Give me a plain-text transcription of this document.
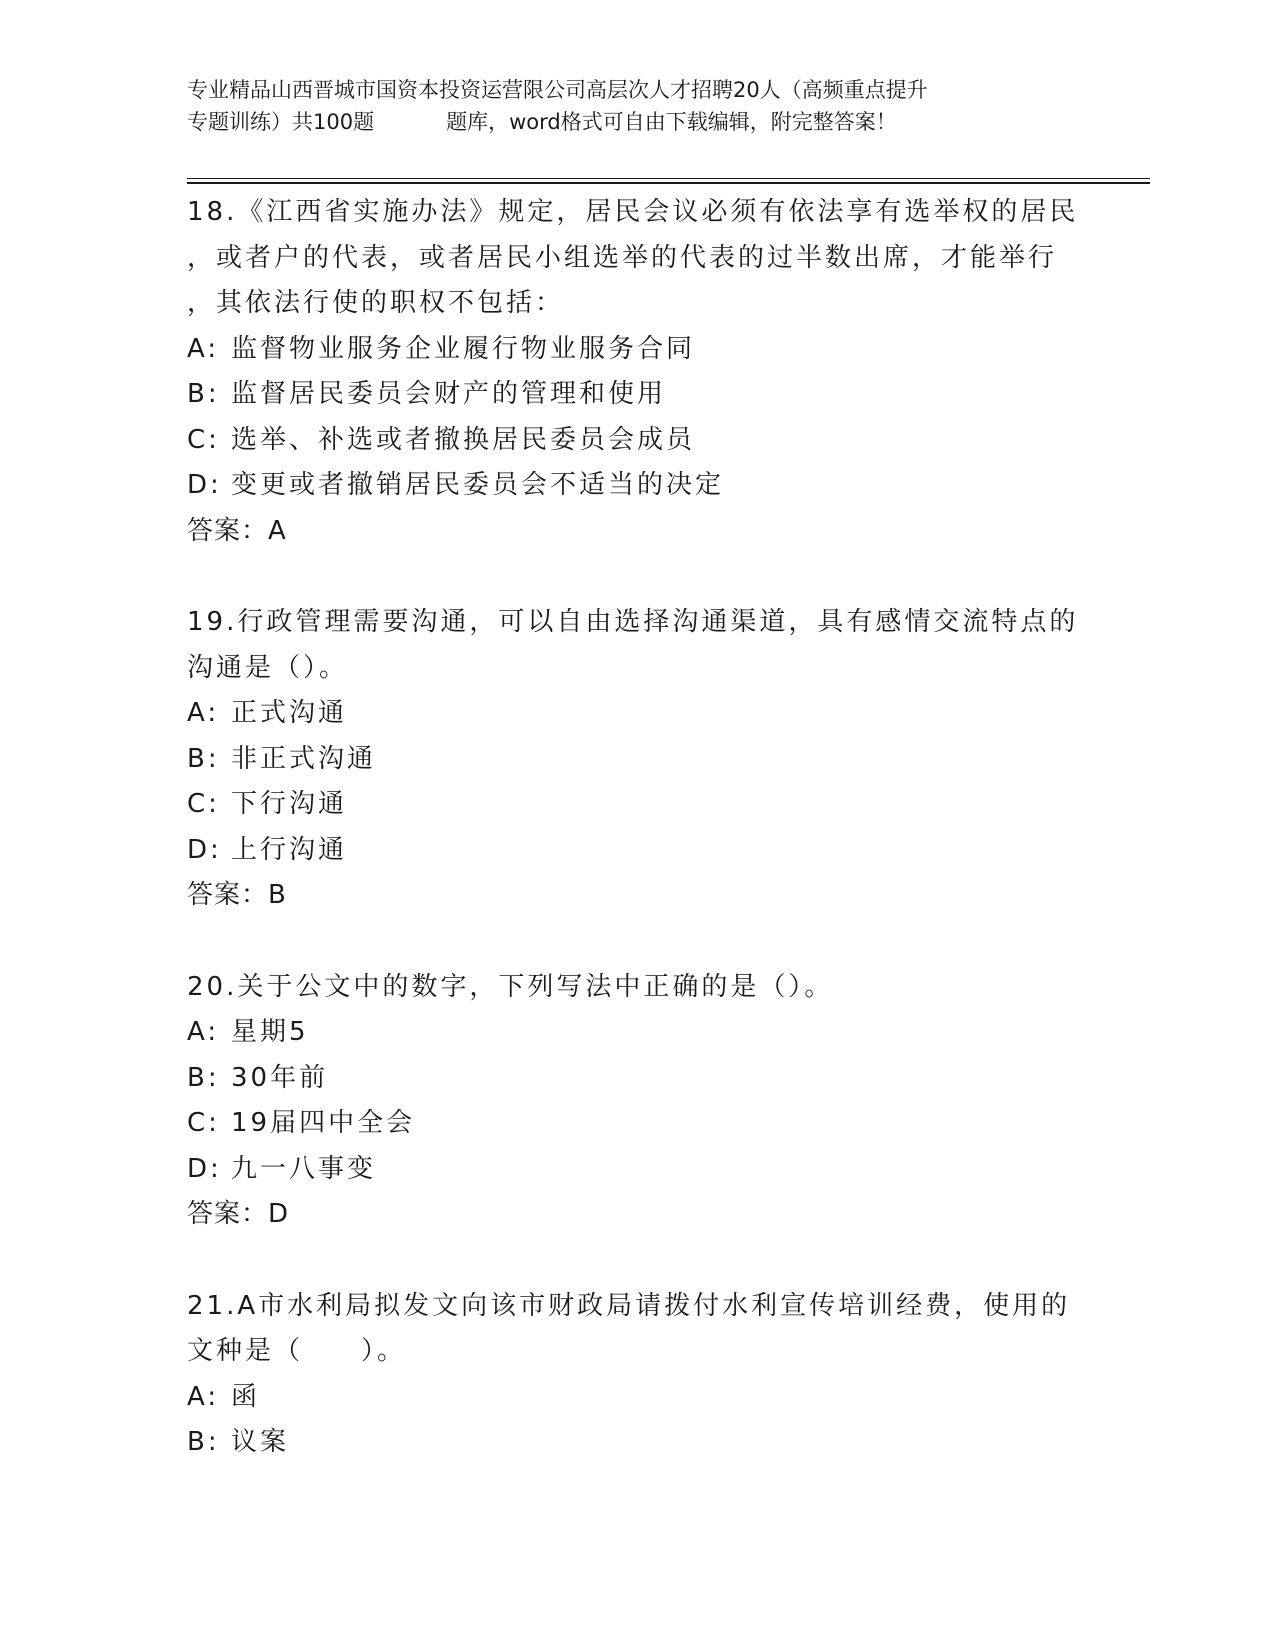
专业精品山西晋城市国资本投资运营限公司高层次人才招聘20人（高频重点提升
专题训练）共100题	题库，word格式可自由下载编辑，附完整答案！
18.《江西省实施办法》规定，居民会议必须有依法享有选举权的居民
，或者户的代表，或者居民小组选举的代表的过半数出席，才能举行
，其依法行使的职权不包括：
A: 监督物业服务企业履行物业服务合同
B: 监督居民委员会财产的管理和使用
C: 选举、补选或者撤换居民委员会成员
D: 变更或者撤销居民委员会不适当的决定
答案：A
19.行政管理需要沟通，可以自由选择沟通渠道，具有感情交流特点的
沟通是（）。
A: 正式沟通
B: 非正式沟通
C: 下行沟通
D: 上行沟通
答案：B
20.关于公文中的数字，下列写法中正确的是（）。
A: 星期5
B: 30年前
C: 19届四中全会
D: 九一八事变
答案：D
21.A市水利局拟发文向该市财政局请拨付水利宣传培训经费，使用的
文种是（　　）。
A: 函
B: 议案
